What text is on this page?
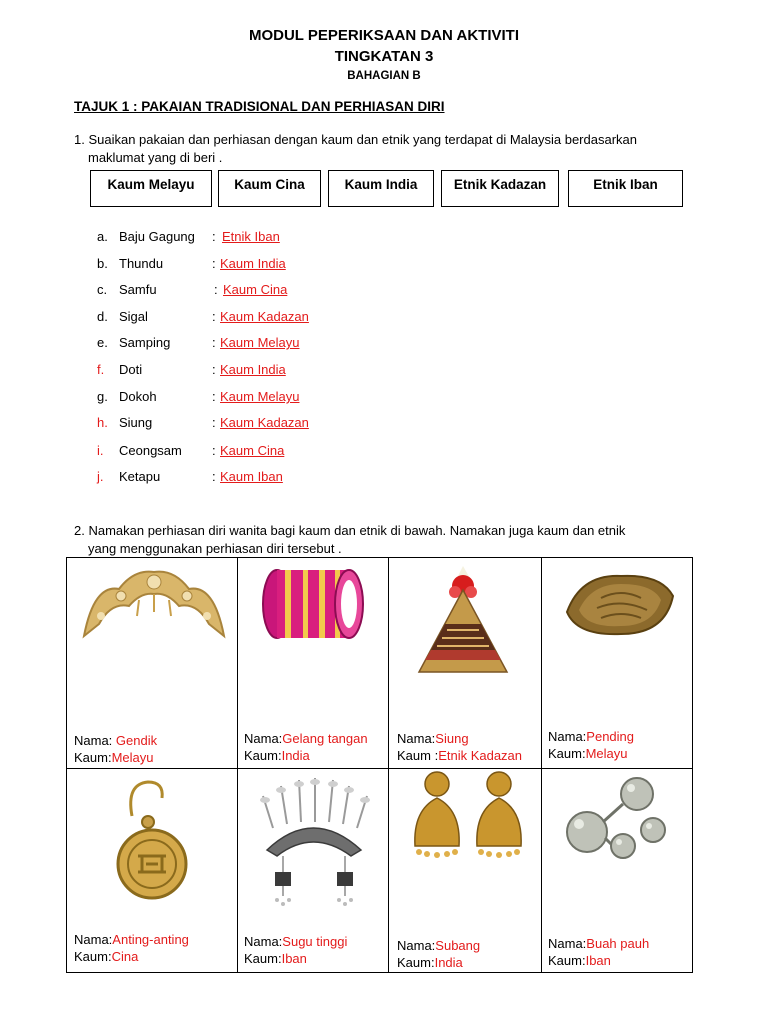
MODUL PEPERIKSAAN DAN AKTIVITI
TINGKATAN 3
BAHAGIAN B
TAJUK 1 : PAKAIAN TRADISIONAL DAN PERHIASAN DIRI
1. Suaikan pakaian dan perhiasan dengan kaum dan etnik yang terdapat di Malaysia berdasarkan
maklumat yang di beri .
Kaum Melayu	Kaum Cina	Kaum India	Etnik Kadazan	Etnik Iban
a. Baju Gagung : Etnik Iban
b. Thundu	: Kaum India
c. Samfu	: Kaum Cina
d. Sigal	: Kaum Kadazan
e. Samping	: Kaum Melayu
f. Doti	: Kaum India
g. Dokoh	: Kaum Melayu
h. Siung	: Kaum Kadazan
i. Ceongsam : Kaum Cina
j. Ketapu	: Kaum Iban
2. Namakan perhiasan diri wanita bagi kaum dan etnik di bawah. Namakan juga kaum dan etnik
yang menggunakan perhiasan diri tersebut .
Nama: Gendik
Kaum:Melayu
Nama:Gelang tangan
Kaum:India
Nama:Siung
Kaum :Etnik Kadazan
Nama:Pending
Kaum:Melayu
Nama:Anting-anting
Kaum:Cina
Nama:Sugu tinggi
Kaum:Iban
Nama:Subang
Kaum:India
Nama:Buah pauh
Kaum:Iban
